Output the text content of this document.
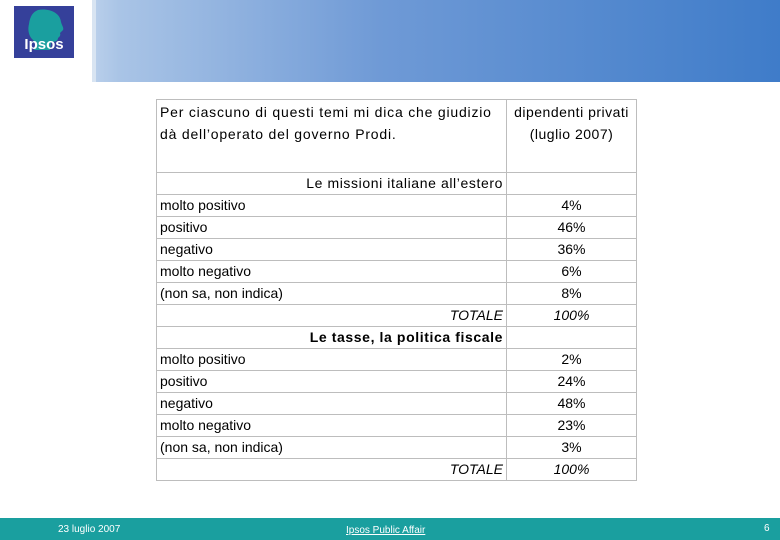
Ipsos
Per ciascuno di questi temi mi dica che giudizio dà dell’operato del governo Prodi.	dipendenti privati (luglio 2007)
Le missioni italiane all’estero	
molto positivo	4%
positivo	46%
negativo	36%
molto negativo	6%
(non sa, non indica)	8%
TOTALE	100%
Le tasse, la politica fiscale	
molto positivo	2%
positivo	24%
negativo	48%
molto negativo	23%
(non sa, non indica)	3%
TOTALE	100%
23 luglio 2007	Ipsos Public Affair	6
